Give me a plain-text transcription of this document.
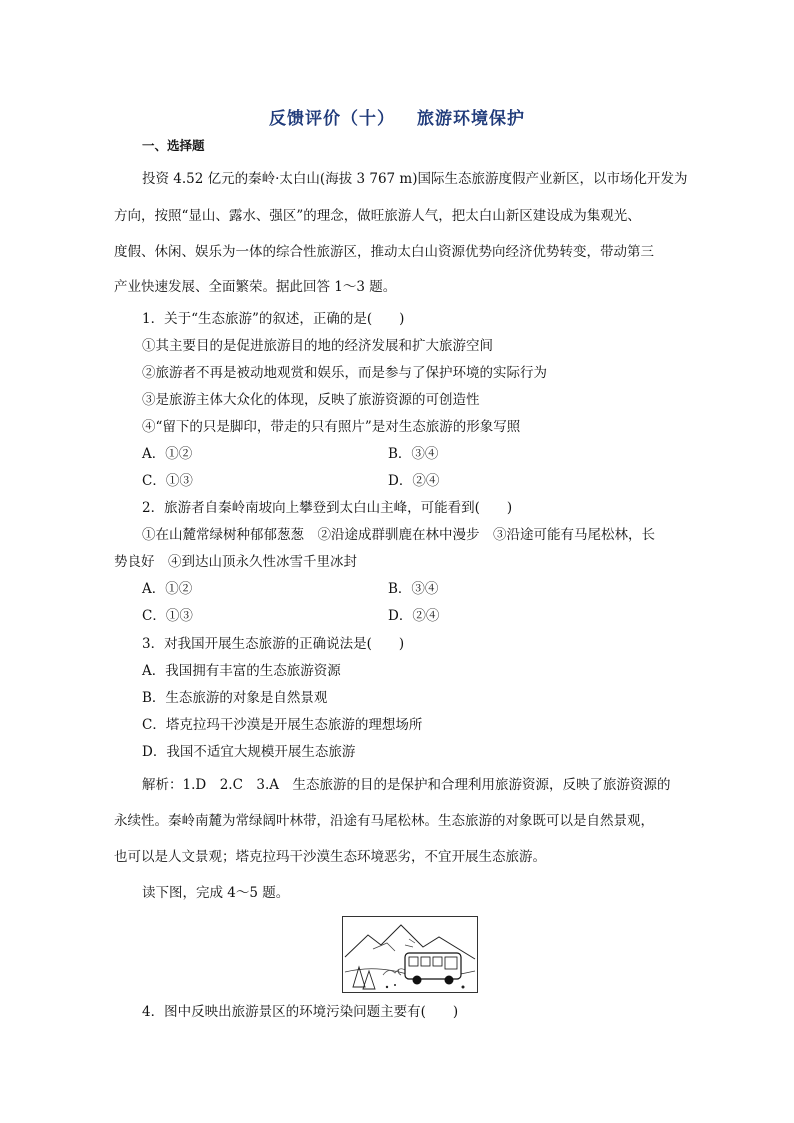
反馈评价（十） 旅游环境保护
一、选择题
投资 4.52 亿元的秦岭·太白山(海拔 3 767 m)国际生态旅游度假产业新区，以市场化开发为
方向，按照“显山、露水、强区”的理念，做旺旅游人气，把太白山新区建设成为集观光、
度假、休闲、娱乐为一体的综合性旅游区，推动太白山资源优势向经济优势转变，带动第三
产业快速发展、全面繁荣。据此回答 1～3 题。
1．关于“生态旅游”的叙述，正确的是(　　)
①其主要目的是促进旅游目的地的经济发展和扩大旅游空间
②旅游者不再是被动地观赏和娱乐，而是参与了保护环境的实际行为
③是旅游主体大众化的体现，反映了旅游资源的可创造性
④“留下的只是脚印，带走的只有照片”是对生态旅游的形象写照
A．①②	B．③④
C．①③	D．②④
2．旅游者自秦岭南坡向上攀登到太白山主峰，可能看到(　　)
①在山麓常绿树种郁郁葱葱　②沿途成群驯鹿在林中漫步　③沿途可能有马尾松林，长
势良好　④到达山顶永久性冰雪千里冰封
A．①②	B．③④
C．①③	D．②④
3．对我国开展生态旅游的正确说法是(　　)
A．我国拥有丰富的生态旅游资源
B．生态旅游的对象是自然景观
C．塔克拉玛干沙漠是开展生态旅游的理想场所
D．我国不适宜大规模开展生态旅游
解析：1.D　2.C　3.A　生态旅游的目的是保护和合理利用旅游资源，反映了旅游资源的
永续性。秦岭南麓为常绿阔叶林带，沿途有马尾松林。生态旅游的对象既可以是自然景观，
也可以是人文景观；塔克拉玛干沙漠生态环境恶劣，不宜开展生态旅游。
读下图，完成 4～5 题。
4．图中反映出旅游景区的环境污染问题主要有(　　)
